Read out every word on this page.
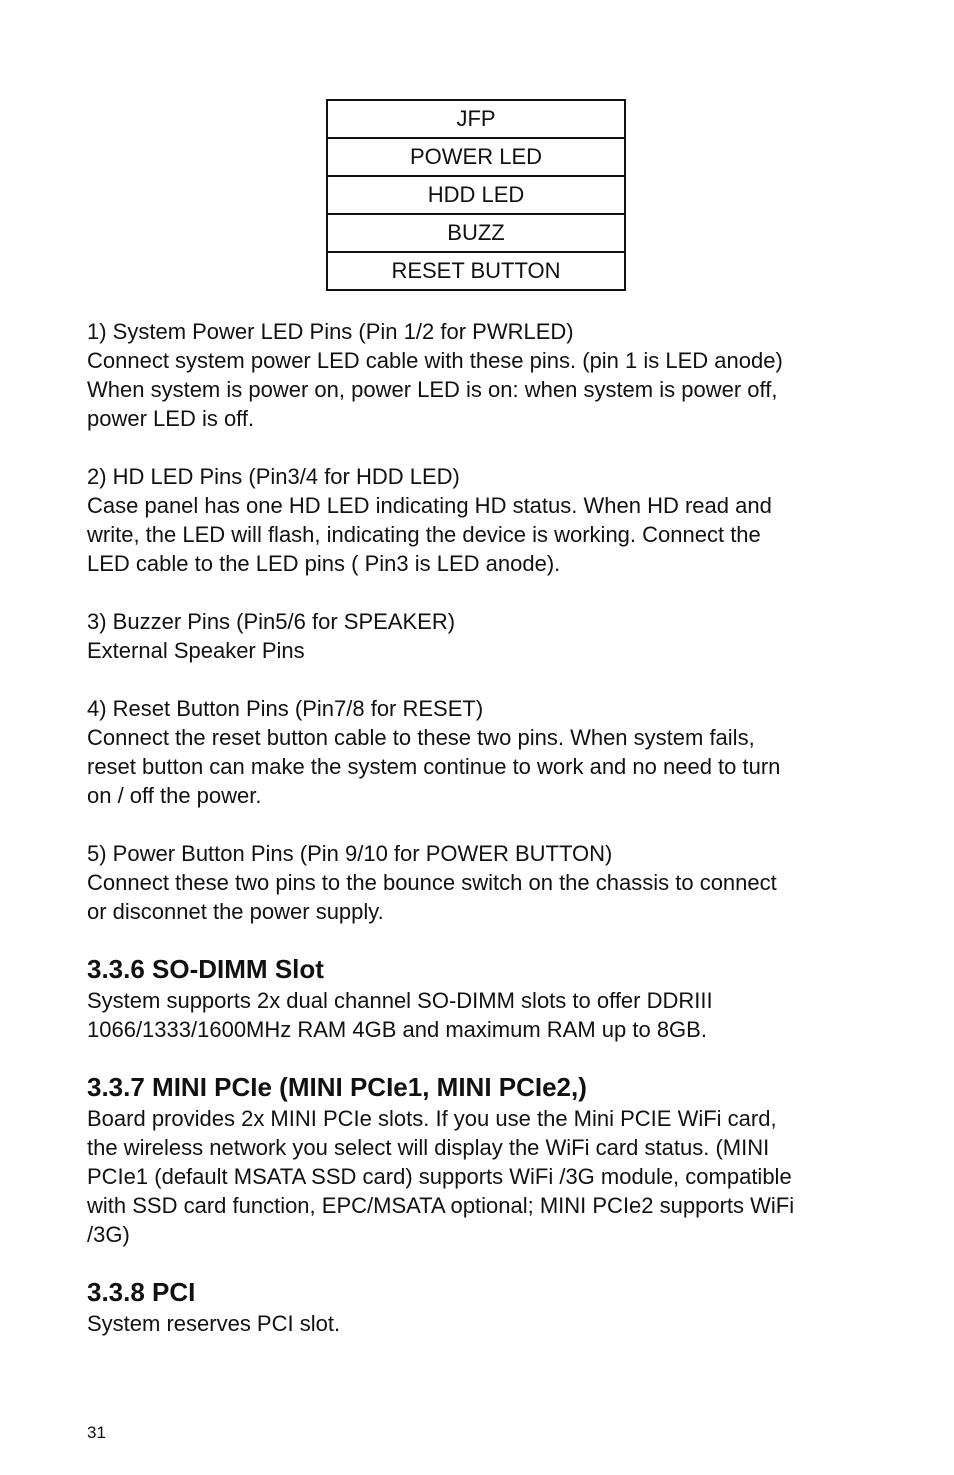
JFP
POWER LED
HDD LED
BUZZ
RESET BUTTON

1) System Power LED Pins (Pin 1/2 for PWRLED)

Connect system power LED cable with these pins. (pin 1 is LED anode)

When system is power on, power LED is on: when system is power off,

power LED is off.

2) HD LED Pins (Pin3/4 for HDD LED)

Case panel has one HD LED indicating HD status. When HD read and

write, the LED will flash, indicating the device is working. Connect the

LED cable to the LED pins ( Pin3 is LED anode).

3) Buzzer Pins (Pin5/6 for SPEAKER)

External Speaker Pins

4) Reset Button Pins (Pin7/8 for RESET)

Connect the reset button cable to these two pins. When system fails,

reset button can make the system continue to work and no need to turn

on / off the power.

5) Power Button Pins (Pin 9/10 for POWER BUTTON)

Connect these two pins to the bounce switch on the chassis to connect

or disconnet the power supply.

3.3.6 SO-DIMM Slot

System supports 2x dual channel SO-DIMM slots to offer DDRIII

1066/1333/1600MHz RAM 4GB and maximum RAM up to 8GB.

3.3.7 MINI PCIe (MINI PCIe1, MINI PCIe2,)

Board provides 2x MINI PCIe slots. If you use the Mini PCIE WiFi card,

the wireless network you select will display the WiFi card status. (MINI

PCIe1 (default MSATA SSD card) supports WiFi /3G module, compatible

with SSD card function, EPC/MSATA optional; MINI PCIe2 supports WiFi

/3G)

3.3.8 PCI

System reserves PCI slot.

31
